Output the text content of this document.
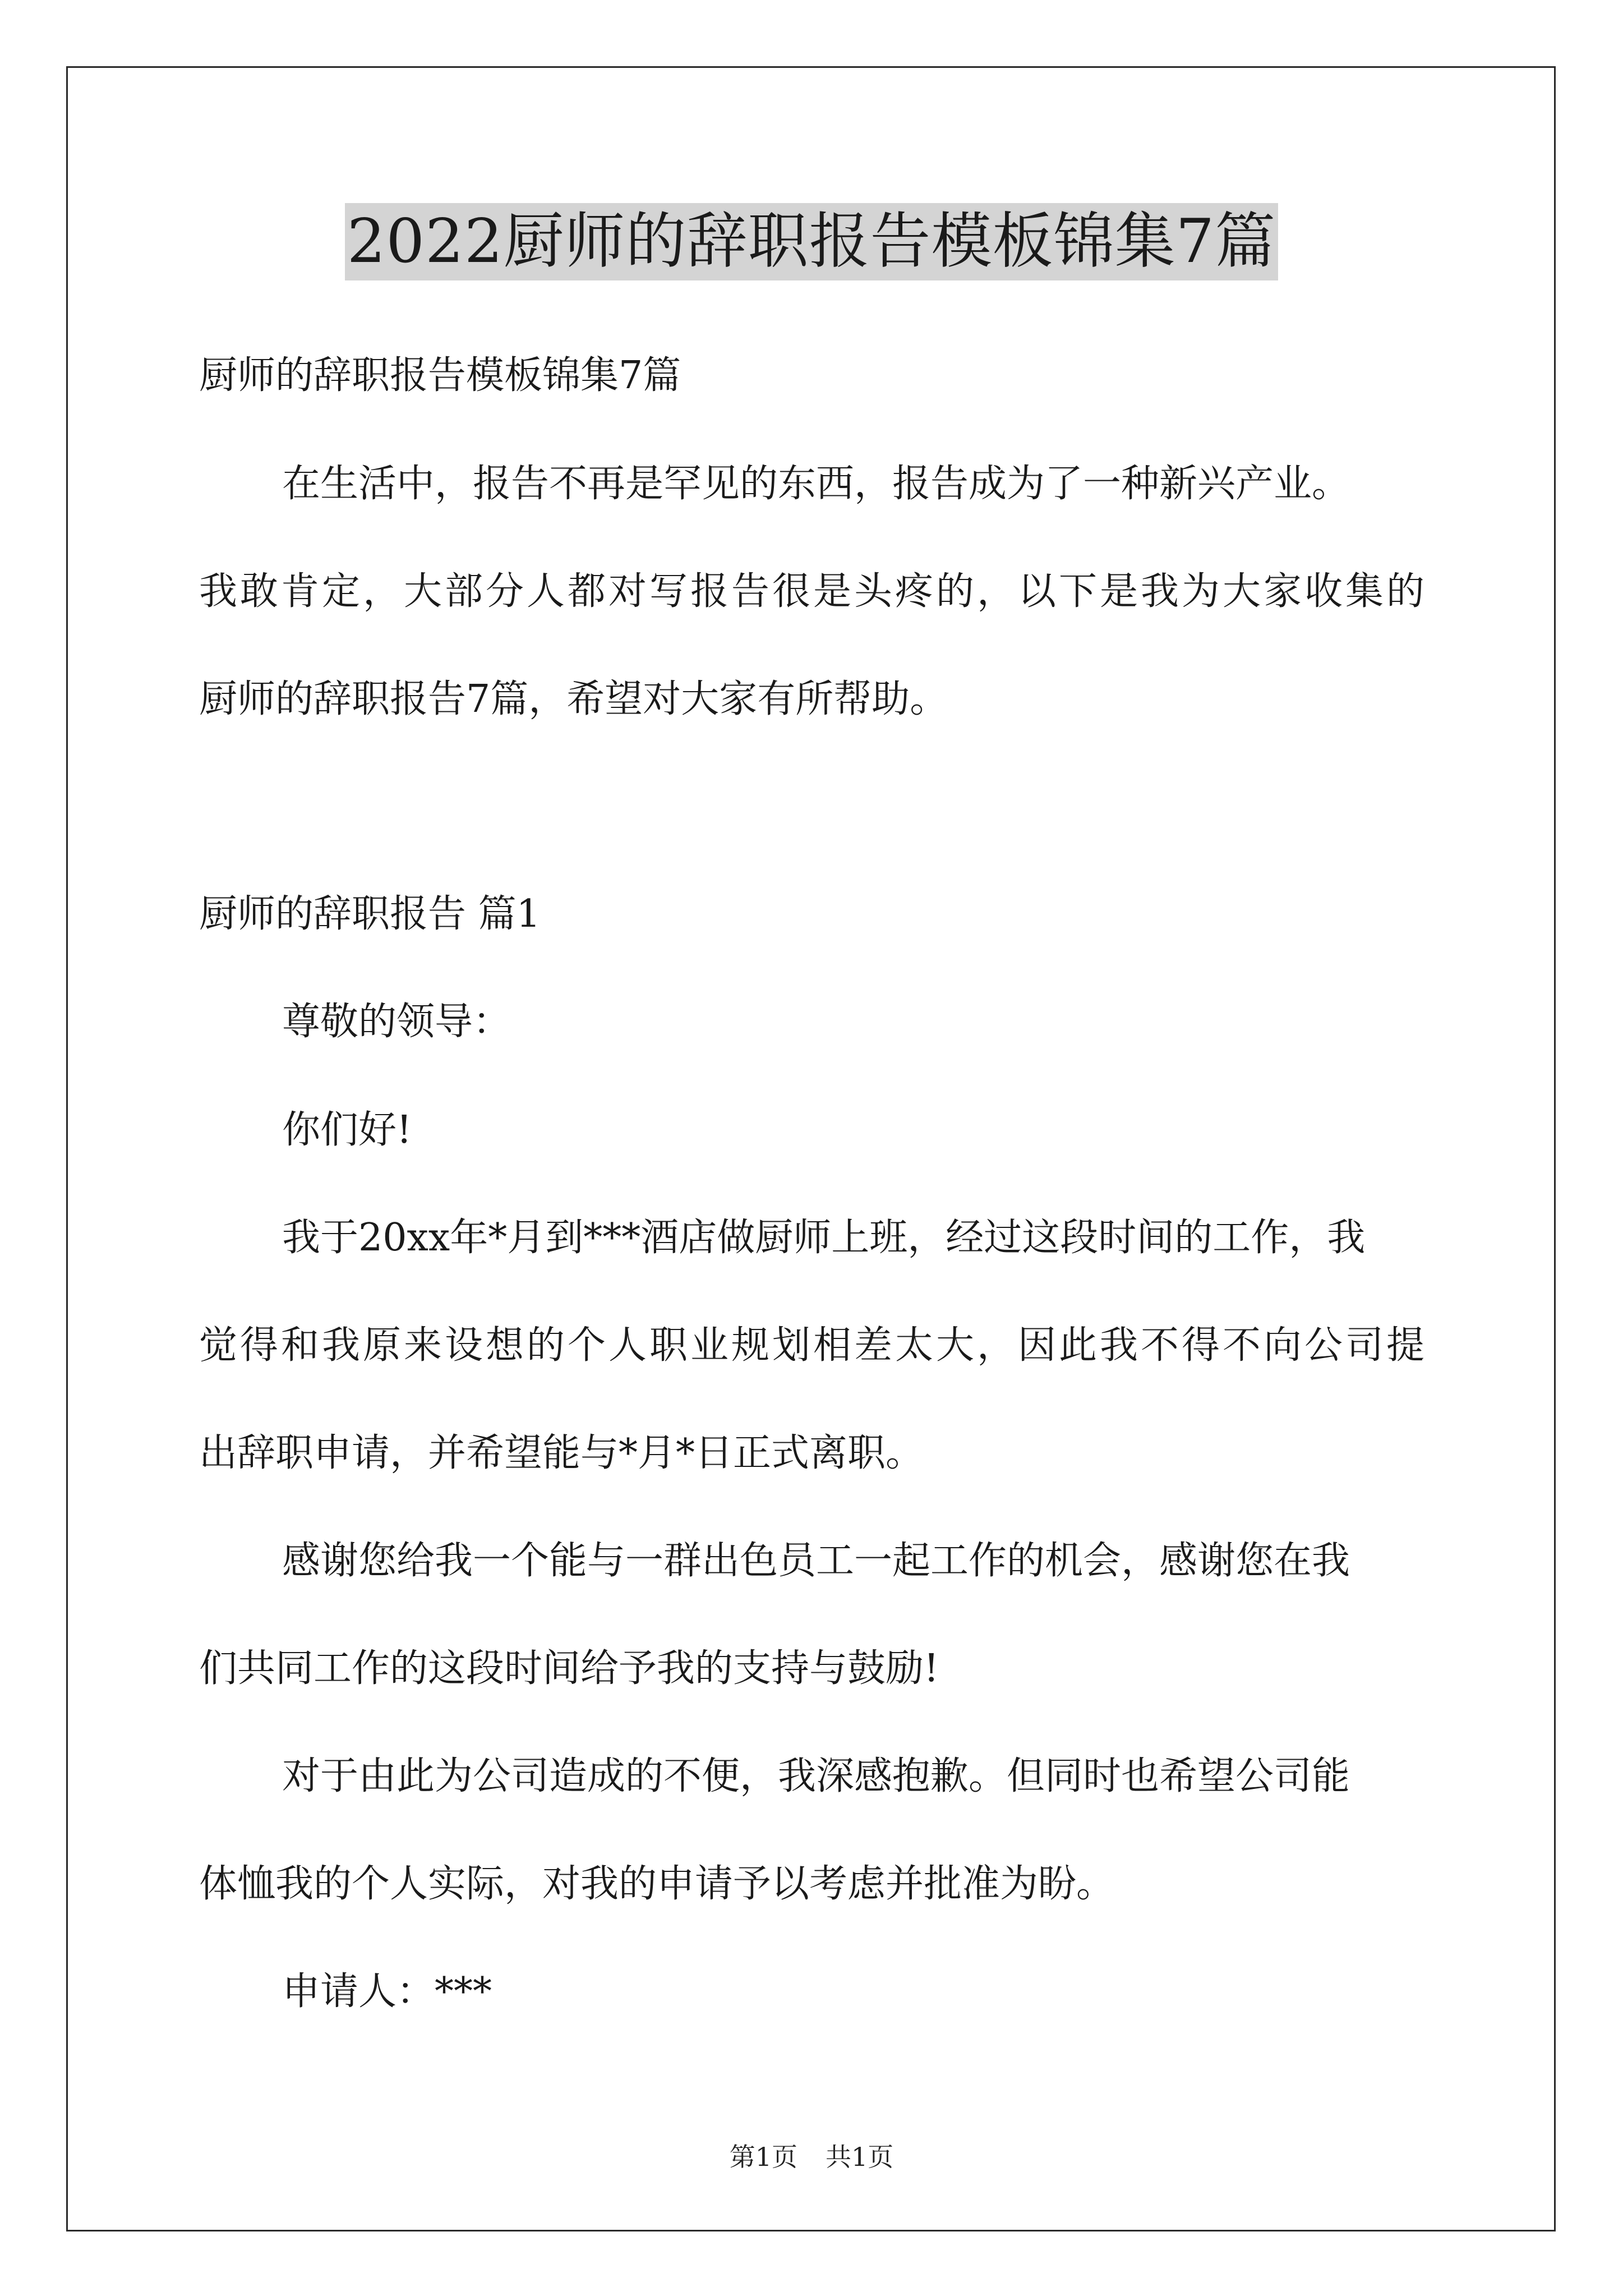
2022厨师的辞职报告模板锦集7篇
厨师的辞职报告模板锦集7篇
在生活中，报告不再是罕见的东西，报告成为了一种新兴产业。
我敢肯定，大部分人都对写报告很是头疼的，以下是我为大家收集的
厨师的辞职报告7篇，希望对大家有所帮助。
厨师的辞职报告 篇1
尊敬的领导：
你们好!
我于20xx年*月到***酒店做厨师上班，经过这段时间的工作，我
觉得和我原来设想的个人职业规划相差太大，因此我不得不向公司提
出辞职申请，并希望能与*月*日正式离职。
感谢您给我一个能与一群出色员工一起工作的机会，感谢您在我
们共同工作的这段时间给予我的支持与鼓励!
对于由此为公司造成的不便，我深感抱歉。但同时也希望公司能
体恤我的个人实际，对我的申请予以考虑并批准为盼。
申请人：***
第1页 共1页
